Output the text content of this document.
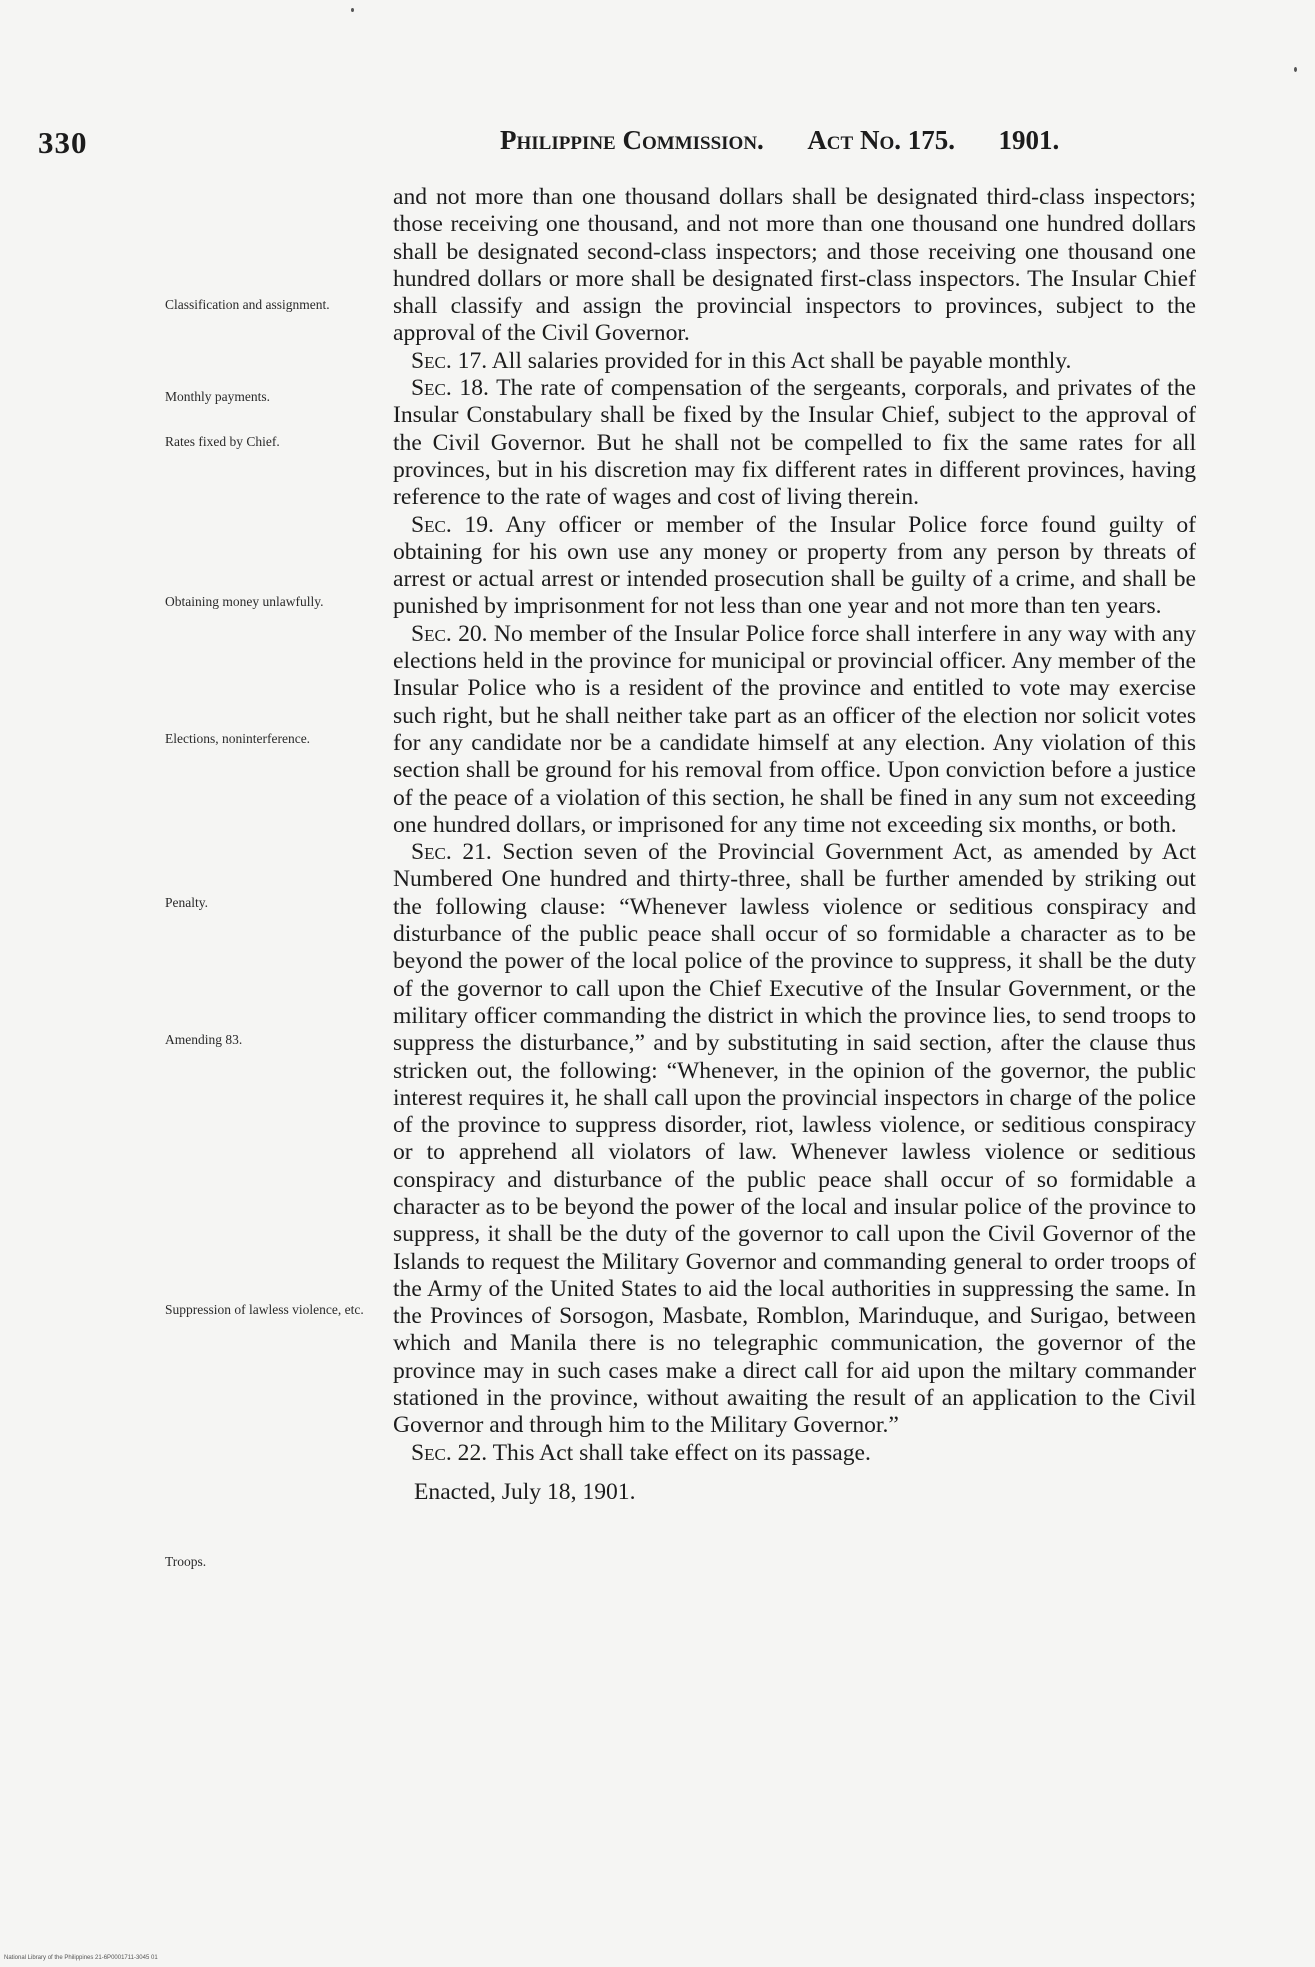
330	Philippine Commission. Act No. 175. 1901.
Classification and assignment.
Monthly payments.
Rates fixed by Chief.
Obtaining money unlawfully.
Elections, noninterference.
Penalty.
Amending 83.
Suppression of lawless violence, etc.
Troops.

and not more than one thousand dollars shall be designated third-class inspectors; those receiving one thousand, and not more than one thousand one hundred dollars shall be designated second-class inspectors; and those receiving one thousand one hundred dollars or more shall be designated first-class inspectors. The Insular Chief shall classify and assign the provincial inspectors to provinces, subject to the approval of the Civil Governor.

Sec. 17. All salaries provided for in this Act shall be payable monthly.

Sec. 18. The rate of compensation of the sergeants, corporals, and privates of the Insular Constabulary shall be fixed by the Insular Chief, subject to the approval of the Civil Governor. But he shall not be compelled to fix the same rates for all provinces, but in his discretion may fix different rates in different provinces, having reference to the rate of wages and cost of living therein.

Sec. 19. Any officer or member of the Insular Police force found guilty of obtaining for his own use any money or property from any person by threats of arrest or actual arrest or intended prosecution shall be guilty of a crime, and shall be punished by imprisonment for not less than one year and not more than ten years.

Sec. 20. No member of the Insular Police force shall interfere in any way with any elections held in the province for municipal or provincial officer. Any member of the Insular Police who is a resident of the province and entitled to vote may exercise such right, but he shall neither take part as an officer of the election nor solicit votes for any candidate nor be a candidate himself at any election. Any violation of this section shall be ground for his removal from office. Upon conviction before a justice of the peace of a violation of this section, he shall be fined in any sum not exceeding one hundred dollars, or imprisoned for any time not exceeding six months, or both.

Sec. 21. Section seven of the Provincial Government Act, as amended by Act Numbered One hundred and thirty-three, shall be further amended by striking out the following clause: “Whenever lawless violence or seditious conspiracy and disturbance of the public peace shall occur of so formidable a character as to be beyond the power of the local police of the province to suppress, it shall be the duty of the governor to call upon the Chief Executive of the Insular Government, or the military officer commanding the district in which the province lies, to send troops to suppress the disturbance,” and by substituting in said section, after the clause thus stricken out, the following: “Whenever, in the opinion of the governor, the public interest requires it, he shall call upon the provincial inspectors in charge of the police of the province to suppress disorder, riot, lawless violence, or seditious conspiracy or to apprehend all violators of law. Whenever lawless violence or seditious conspiracy and disturbance of the public peace shall occur of so formidable a character as to be beyond the power of the local and insular police of the province to suppress, it shall be the duty of the governor to call upon the Civil Governor of the Islands to request the Military Governor and commanding general to order troops of the Army of the United States to aid the local authorities in suppressing the same. In the Provinces of Sorsogon, Masbate, Romblon, Marinduque, and Surigao, between which and Manila there is no telegraphic communication, the governor of the province may in such cases make a direct call for aid upon the miltary commander stationed in the province, without awaiting the result of an application to the Civil Governor and through him to the Military Governor.”

Sec. 22. This Act shall take effect on its passage.

Enacted, July 18, 1901.

National Library of the Philippines 21-6P0001711-3045 01
